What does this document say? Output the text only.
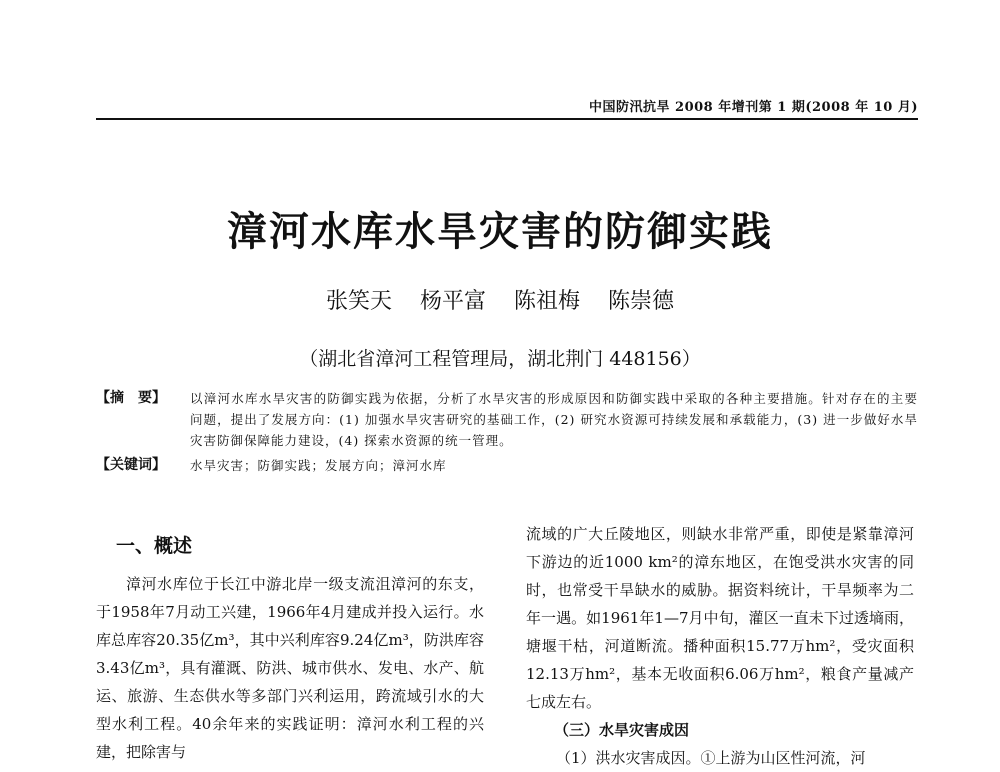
中国防汛抗旱 2008 年增刊第 1 期(2008 年 10 月)
漳河水库水旱灾害的防御实践
张笑天 杨平富 陈祖梅 陈崇德
（湖北省漳河工程管理局，湖北荆门 448156）
【摘　要】	以漳河水库水旱灾害的防御实践为依据，分析了水旱灾害的形成原因和防御实践中采取的各种主要措施。针对存在的主要问题，提出了发展方向：(1) 加强水旱灾害研究的基础工作，(2) 研究水资源可持续发展和承载能力，(3) 进一步做好水旱灾害防御保障能力建设，(4) 探索水资源的统一管理。
【关键词】	水旱灾害；防御实践；发展方向；漳河水库
一、概述

漳河水库位于长江中游北岸一级支流沮漳河的东支，于1958年7月动工兴建，1966年4月建成并投入运行。水库总库容20.35亿m³，其中兴利库容9.24亿m³，防洪库容3.43亿m³，具有灌溉、防洪、城市供水、发电、水产、航运、旅游、生态供水等多部门兴利运用，跨流域引水的大型水利工程。40余年来的实践证明：漳河水利工程的兴建，把除害与

流域的广大丘陵地区，则缺水非常严重，即使是紧靠漳河下游边的近1000 km²的漳东地区，在饱受洪水灾害的同时，也常受干旱缺水的威胁。据资料统计，干旱频率为二年一遇。如1961年1—7月中旬，灌区一直未下过透墒雨，塘堰干枯，河道断流。播种面积15.77万hm²，受灾面积12.13万hm²，基本无收面积6.06万hm²，粮食产量减产七成左右。

（三）水旱灾害成因

（1）洪水灾害成因。①上游为山区性河流，河
